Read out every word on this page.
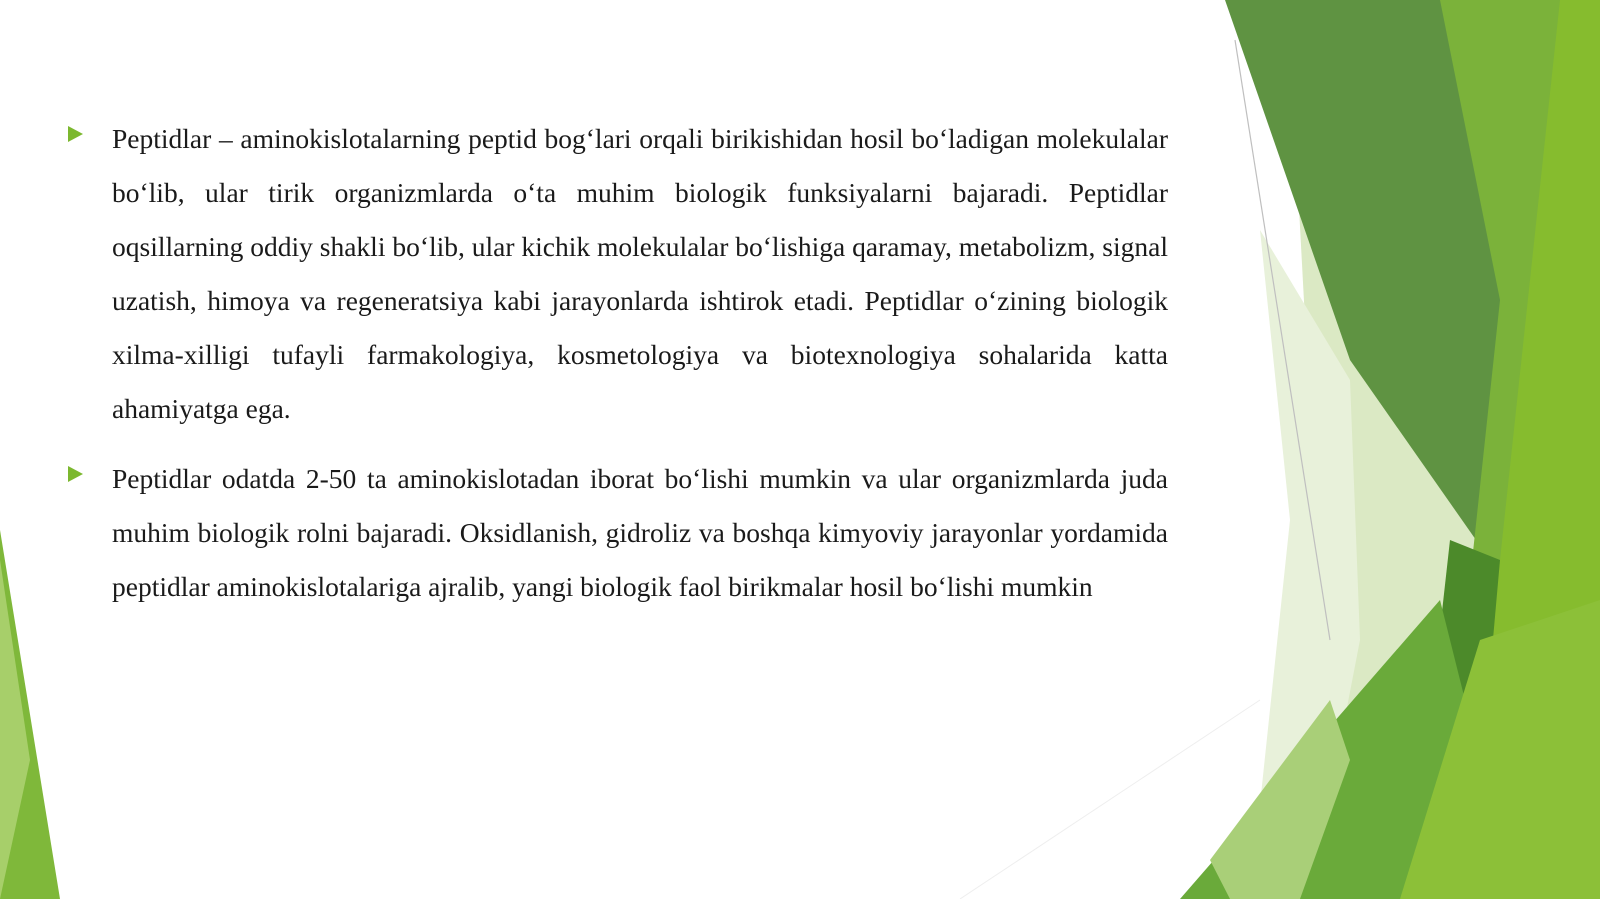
Peptidlar – aminokislotalarning peptid bog‘lari orqali birikishidan hosil bo‘ladigan molekulalar bo‘lib, ular tirik organizmlarda o‘ta muhim biologik funksiyalarni bajaradi. Peptidlar oqsillarning oddiy shakli bo‘lib, ular kichik molekulalar bo‘lishiga qaramay, metabolizm, signal uzatish, himoya va regeneratsiya kabi jarayonlarda ishtirok etadi. Peptidlar o‘zining biologik xilma-xilligi tufayli farmakologiya, kosmetologiya va biotexnologiya sohalarida katta ahamiyatga ega.

Peptidlar odatda 2-50 ta aminokislotadan iborat bo‘lishi mumkin va ular organizmlarda juda muhim biologik rolni bajaradi. Oksidlanish, gidroliz va boshqa kimyoviy jarayonlar yordamida peptidlar aminokislotalariga ajralib, yangi biologik faol birikmalar hosil bo‘lishi mumkin
